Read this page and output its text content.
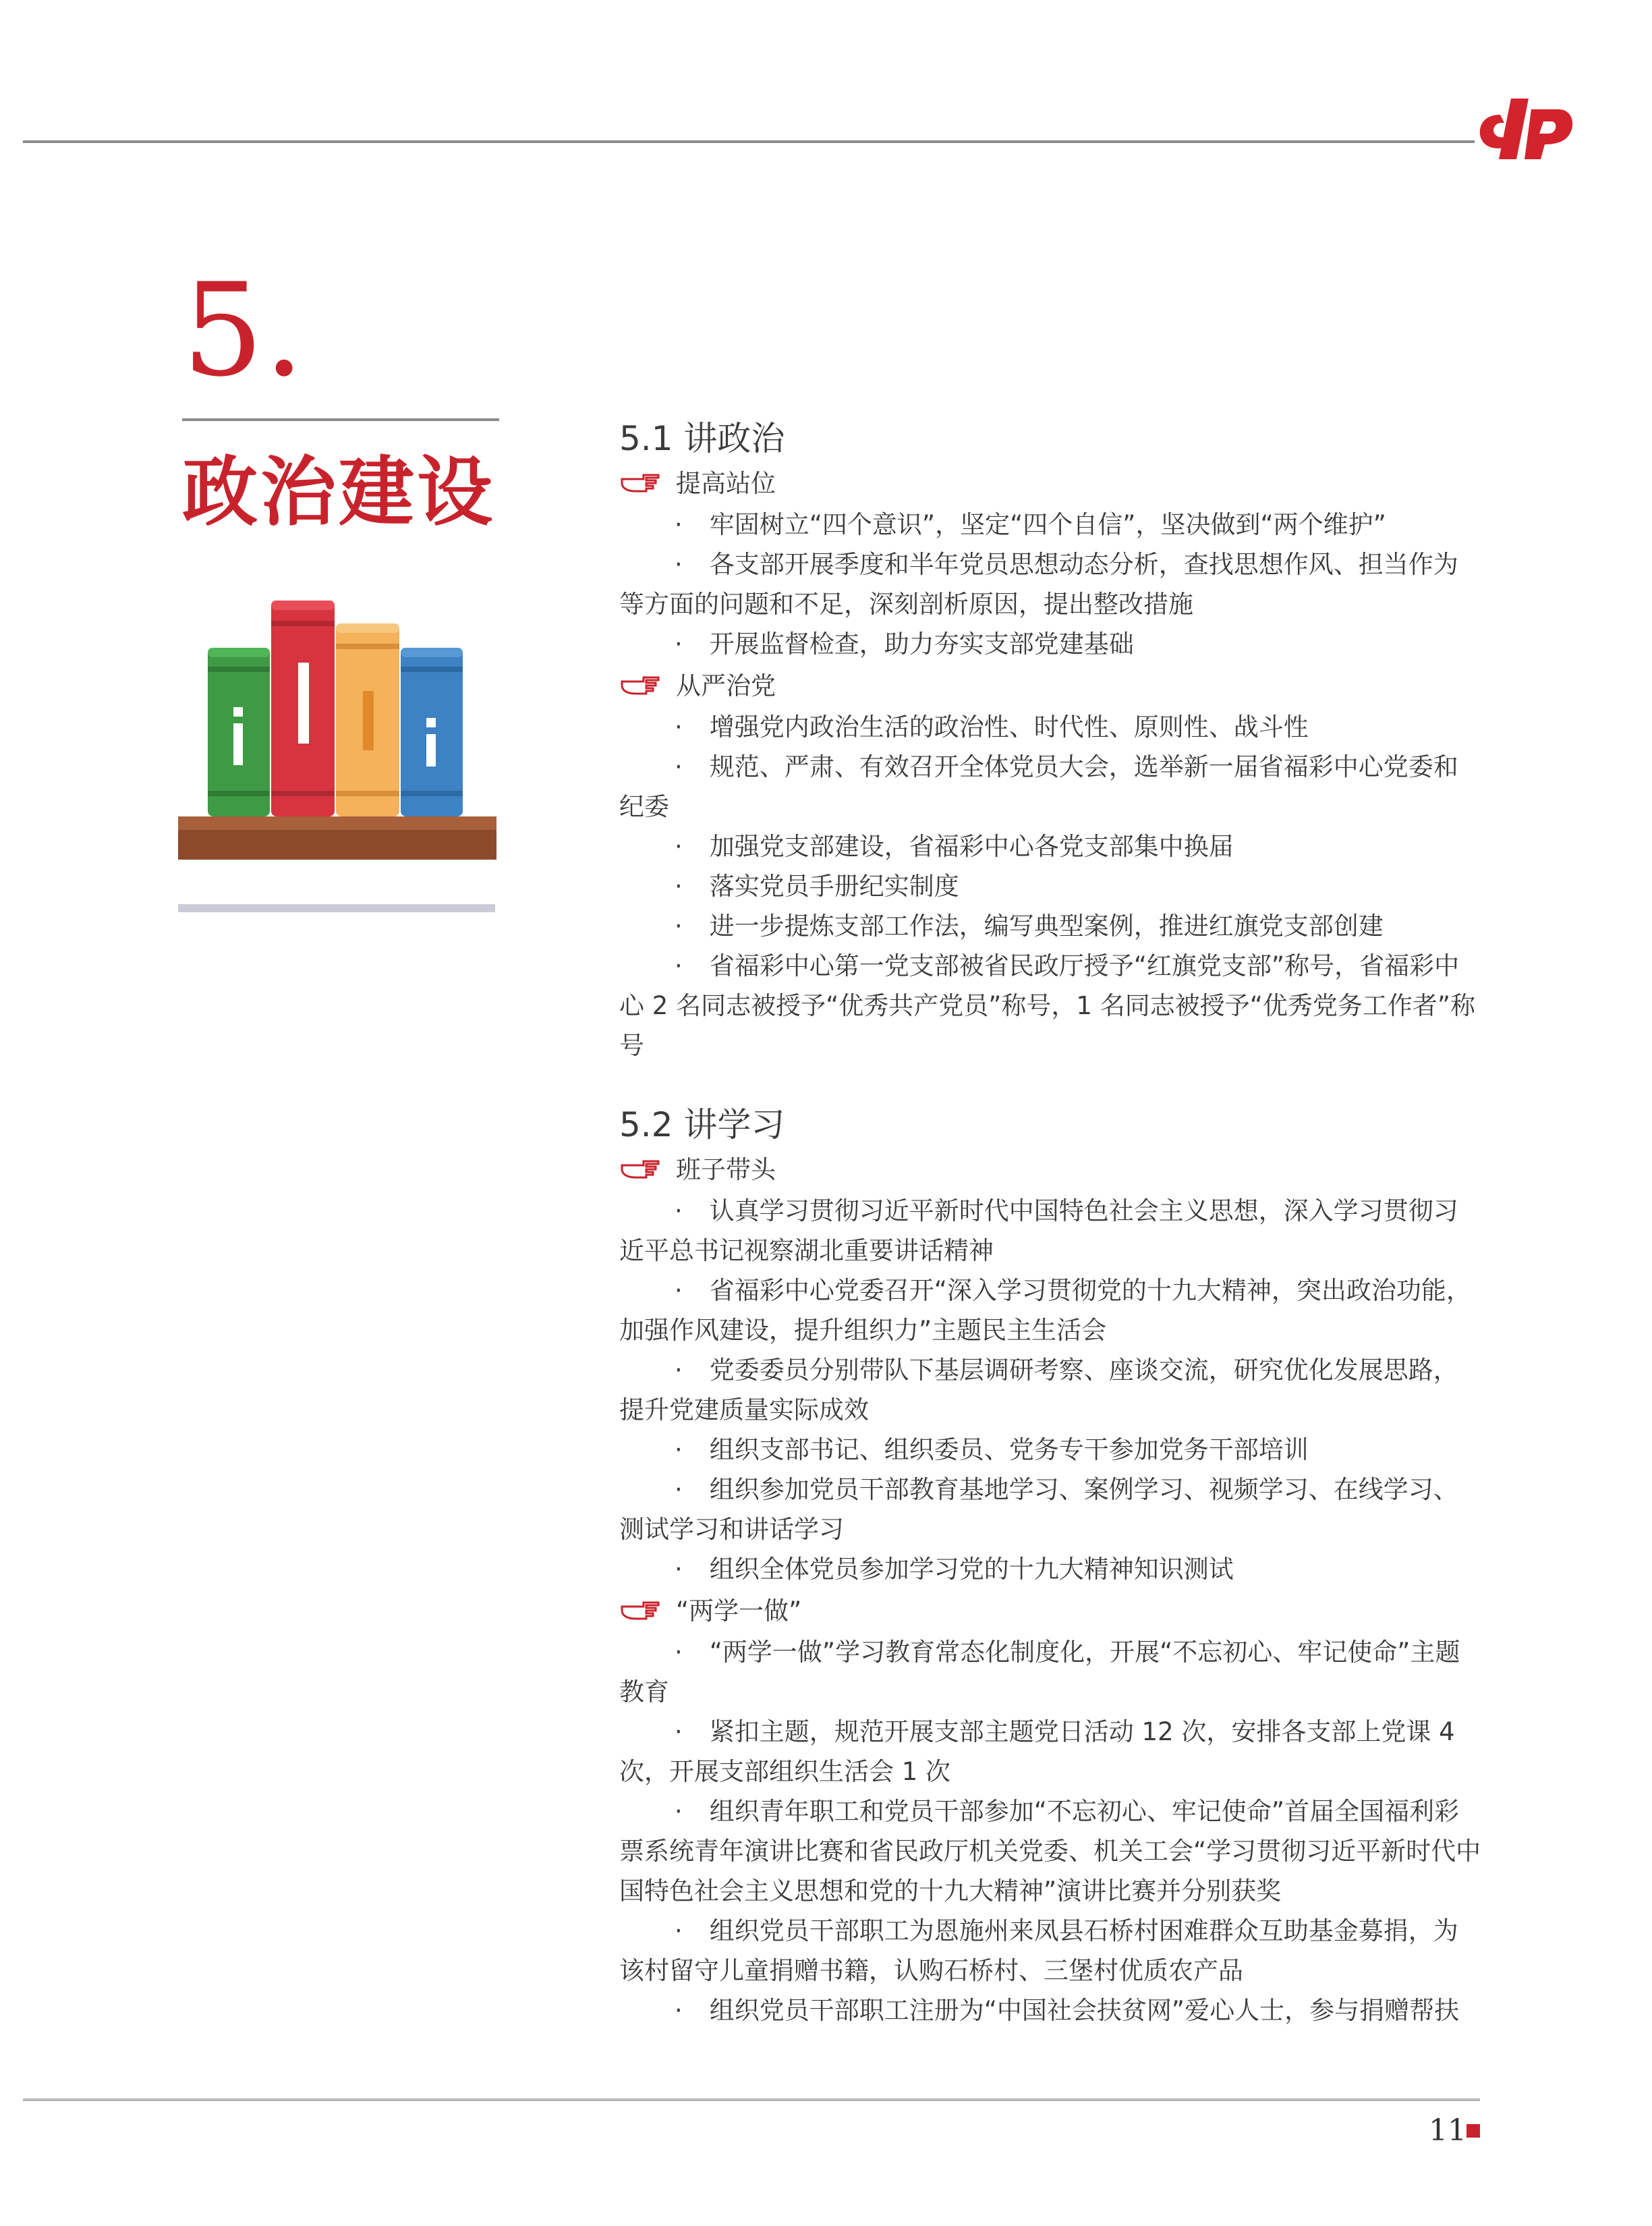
5.
政治建设
5.1 讲政治
提高站位

· 牢固树立“四个意识”，坚定“四个自信”，坚决做到“两个维护”

· 各支部开展季度和半年党员思想动态分析，查找思想作风、担当作为等方面的问题和不足，深刻剖析原因，提出整改措施

· 开展监督检查，助力夯实支部党建基础

从严治党

· 增强党内政治生活的政治性、时代性、原则性、战斗性

· 规范、严肃、有效召开全体党员大会，选举新一届省福彩中心党委和纪委

· 加强党支部建设，省福彩中心各党支部集中换届

· 落实党员手册纪实制度

· 进一步提炼支部工作法，编写典型案例，推进红旗党支部创建

· 省福彩中心第一党支部被省民政厅授予“红旗党支部”称号，省福彩中心 2 名同志被授予“优秀共产党员”称号，1 名同志被授予“优秀党务工作者”称号

5.2 讲学习
班子带头

· 认真学习贯彻习近平新时代中国特色社会主义思想，深入学习贯彻习近平总书记视察湖北重要讲话精神

· 省福彩中心党委召开“深入学习贯彻党的十九大精神，突出政治功能，加强作风建设，提升组织力”主题民主生活会

· 党委委员分别带队下基层调研考察、座谈交流，研究优化发展思路，提升党建质量实际成效

· 组织支部书记、组织委员、党务专干参加党务干部培训

· 组织参加党员干部教育基地学习、案例学习、视频学习、在线学习、测试学习和讲话学习

· 组织全体党员参加学习党的十九大精神知识测试

“两学一做”

· “两学一做”学习教育常态化制度化，开展“不忘初心、牢记使命”主题教育

· 紧扣主题，规范开展支部主题党日活动 12 次，安排各支部上党课 4 次，开展支部组织生活会 1 次

· 组织青年职工和党员干部参加“不忘初心、牢记使命”首届全国福利彩票系统青年演讲比赛和省民政厅机关党委、机关工会“学习贯彻习近平新时代中国特色社会主义思想和党的十九大精神”演讲比赛并分别获奖

· 组织党员干部职工为恩施州来凤县石桥村困难群众互助基金募捐，为该村留守儿童捐赠书籍，认购石桥村、三堡村优质农产品

· 组织党员干部职工注册为“中国社会扶贫网”爱心人士，参与捐赠帮扶

11
